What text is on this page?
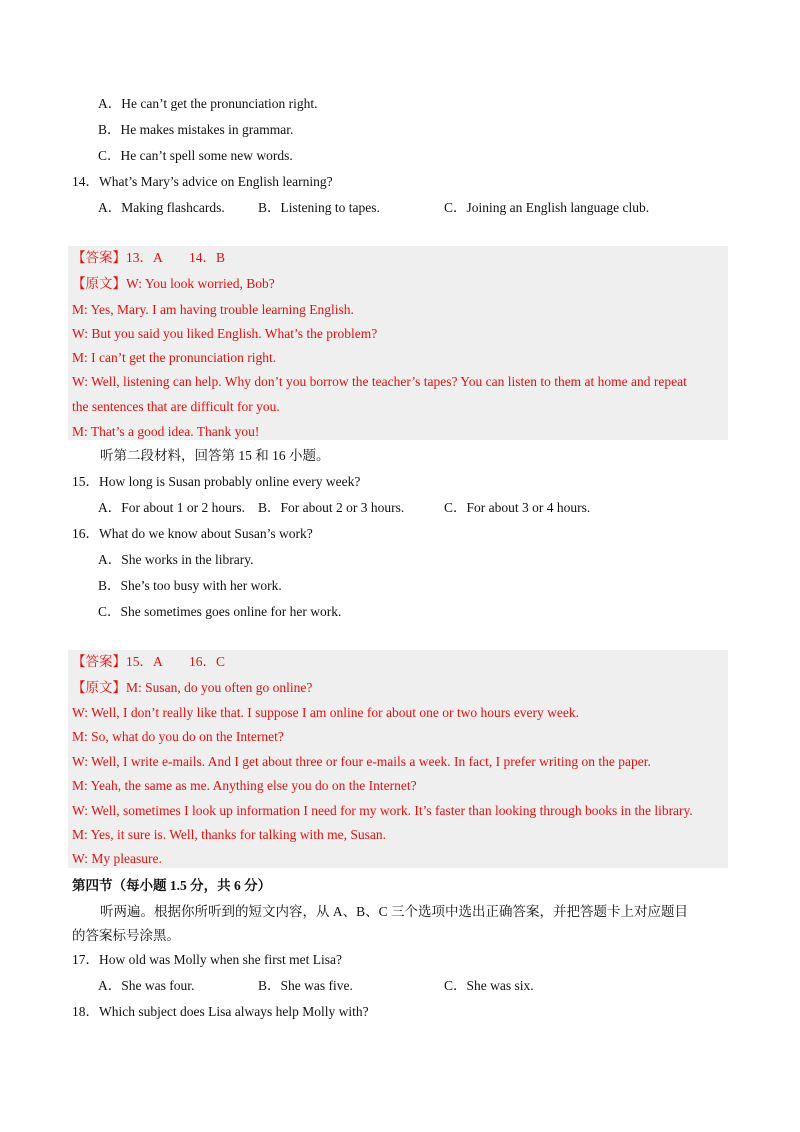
A．He can’t get the pronunciation right.
B．He makes mistakes in grammar.
C．He can’t spell some new words.
14．What’s Mary’s advice on English learning?
A．Making flashcards. B．Listening to tapes.	C．Joining an English language club.
【答案】13．A　　14．B
【原文】W: You look worried, Bob?
M: Yes, Mary. I am having trouble learning English.
W: But you said you liked English. What’s the problem?
M: I can’t get the pronunciation right.
W: Well, listening can help. Why don’t you borrow the teacher’s tapes? You can listen to them at home and repeat
the sentences that are difficult for you.
M: That’s a good idea. Thank you!
听第二段材料，回答第 15 和 16 小题。
15．How long is Susan probably online every week?
A．For about 1 or 2 hours. B．For about 2 or 3 hours.	C．For about 3 or 4 hours.
16．What do we know about Susan’s work?
A．She works in the library.
B．She’s too busy with her work.
C．She sometimes goes online for her work.
【答案】15．A　　16．C
【原文】M: Susan, do you often go online?
W: Well, I don’t really like that. I suppose I am online for about one or two hours every week.
M: So, what do you do on the Internet?
W: Well, I write e-mails. And I get about three or four e-mails a week. In fact, I prefer writing on the paper.
M: Yeah, the same as me. Anything else you do on the Internet?
W: Well, sometimes I look up information I need for my work. It’s faster than looking through books in the library.
M: Yes, it sure is. Well, thanks for talking with me, Susan.
W: My pleasure.
第四节（每小题 1.5 分，共 6 分）
听两遍。根据你所听到的短文内容，从 A、B、C 三个选项中选出正确答案，并把答题卡上对应题目
的答案标号涂黑。
17．How old was Molly when she first met Lisa?
A．She was four.	B．She was five.	C．She was six.
18．Which subject does Lisa always help Molly with?
